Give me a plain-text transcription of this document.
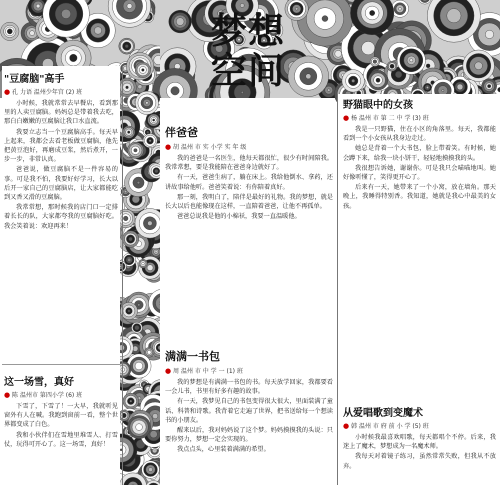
梦想
空间
"豆腐脑"高手
● 孔 力语 温州少年宫 (2) 班

小时候，我就常常去早餐店，看到那里的人卖豆腐脑。妈妈总是带着我去吃，那白白嫩嫩的豆腐脑让我口水直流。

我要立志当一个豆腐脑高手。每天早上起来，我都会去看老板做豆腐脑，他先把黄豆泡好，再磨成豆浆，然后煮开，一步一步，非常认真。

爸爸说，做豆腐脑不是一件容易的事。可是我不怕，我要好好学习，长大以后开一家自己的豆腐脑店，让大家都能吃到又香又滑的豆腐脑。

我常常想，那时候我的店门口一定排着长长的队，大家都夸我的豆腐脑好吃。我会笑着说：欢迎再来！

这一场雪，真好
● 陈 温州市 第四小学 (6) 班

下雪了，下雪了！一大早，我就听见窗外有人在喊。我跑到窗前一看，整个世界都变成了白色。

我和小伙伴们在雪地里堆雪人、打雪仗，玩得可开心了。这一场雪，真好！

伴爸爸
● 胡 温州 市 实 小学 实 年 级

我的爸爸是一名医生，他每天都很忙，很少有时间陪我。我常常想，要是我能陪在爸爸身边就好了。

有一天，爸爸生病了，躺在床上。我给他倒水、拿药，还讲故事给他听。爸爸笑着说：有你陪着真好。

那一刻，我明白了，陪伴是最好的礼物。我的梦想，就是长大以后也能像现在这样，一直陪着爸爸，让他不再孤单。

爸爸总说我是他的小棉袄，我要一直温暖他。

满满一书包
● 周 温州 市 中 学 一 (1) 班

我的梦想是有满满一书包的书。每天放学回家，我都要看一会儿书，书里有好多有趣的故事。

有一天，我梦见自己的书包变得很大很大，里面装满了童话、科普和诗歌。我背着它走遍了世界，把书送给每一个想读书的小朋友。

醒来以后，我对妈妈说了这个梦。妈妈摸摸我的头说：只要你努力，梦想一定会实现的。

我点点头，心里装着满满的希望。

野猫眼中的女孩
● 杨 温州 市 第 二 中 学 (3) 班

我是一只野猫，住在小区的角落里。每天，我都能看到一个小女孩从我身边走过。

她总是背着一个大书包，脸上带着笑。有时候，她会蹲下来，给我一块小饼干，轻轻地摸摸我的头。

我很想告诉她，谢谢你。可是我只会喵喵地叫。她好像听懂了，笑得更开心了。

后来有一天，她带来了一个小窝，放在墙角。那天晚上，我睡得特别香。我知道，她就是我心中最美的女孩。

从爱唱歌到变魔术
● 韩 温州 市 府 前 小 学 (5) 班

小时候我最喜欢唱歌，每天都唱个不停。后来，我迷上了魔术，梦想成为一名魔术师。

我每天对着镜子练习，虽然常常失败，但我从不放弃。
